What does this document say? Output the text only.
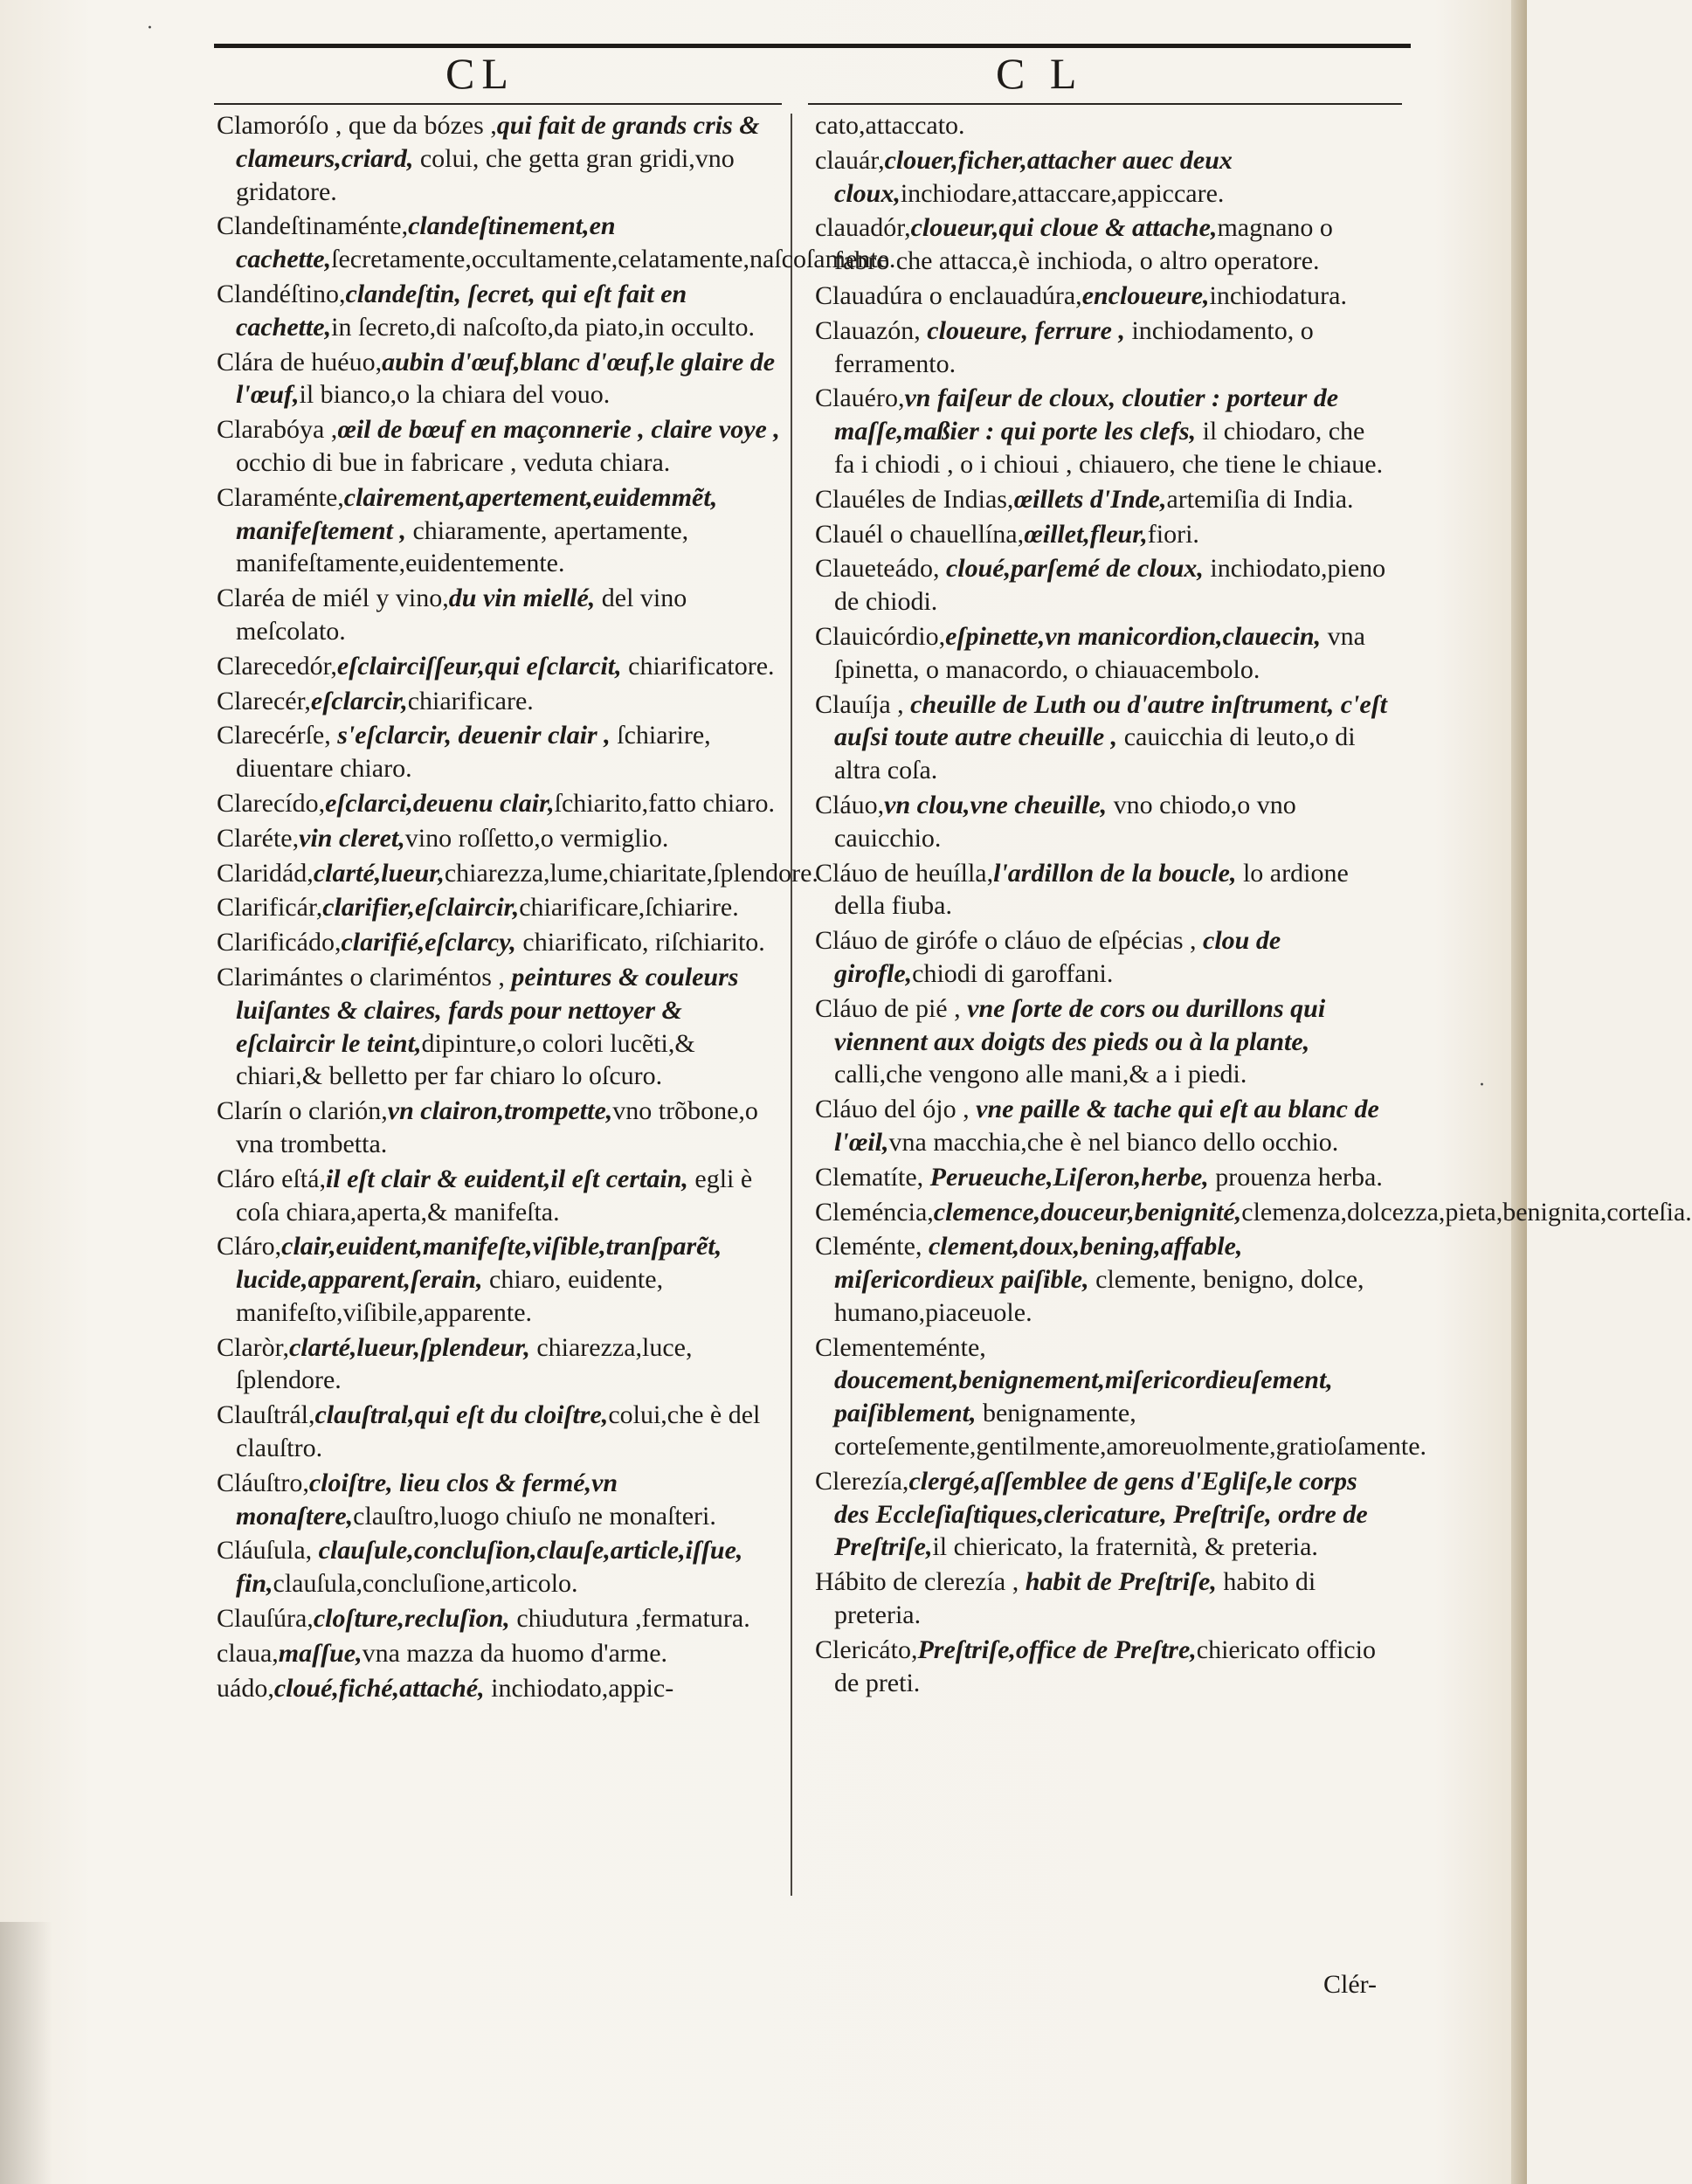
CL	C L
Clamoróſo , que da bózes ,qui fait de grands cris & clameurs,criard, colui, che getta gran gridi,vno gridatore.
Clandeſtinaménte,clandeſtinement,en cachette,ſecretamente,occultamente,celatamente,naſcoſamente.
Clandéſtino,clandeſtin, ſecret, qui eſt fait en cachette,in ſecreto,di naſcoſto,da piato,in occulto.
Clára de huéuo,aubin d'œuf,blanc d'œuf,le glaire de l'œuf,il bianco,o la chiara del vouo.
Clarabóya ,œil de bœuf en maçonnerie , claire voye , occhio di bue in fabricare , veduta chiara.
Claraménte,clairement,apertement,euidemmẽt, manifeſtement , chiaramente, apertamente, manifeſtamente,euidentemente.
Claréa de miél y vino,du vin miellé, del vino meſcolato.
Clarecedór,eſclairciſſeur,qui eſclarcit, chiarificatore.
Clarecér,eſclarcir,chiarificare.
Clarecérſe, s'eſclarcir, deuenir clair , ſchiarire, diuentare chiaro.
Clarecído,eſclarci,deuenu clair,ſchiarito,fatto chiaro.
Claréte,vin cleret,vino roſſetto,o vermiglio.
Claridád,clarté,lueur,chiarezza,lume,chiaritate,ſplendore.
Clarificár,clarifier,eſclaircir,chiarificare,ſchiarire.
Clarificádo,clarifié,eſclarcy, chiarificato, riſchiarito.
Clarimántes o clariméntos , peintures & couleurs luiſantes & claires, fards pour nettoyer & eſclaircir le teint,dipinture,o colori lucẽti,& chiari,& belletto per far chiaro lo oſcuro.
Clarín o clarión,vn clairon,trompette,vno trõbone,o vna trombetta.
Cláro eſtá,il eſt clair & euident,il eſt certain, egli è coſa chiara,aperta,& manifeſta.
Cláro,clair,euident,manifeſte,viſible,tranſparẽt, lucide,apparent,ſerain, chiaro, euidente, manifeſto,viſibile,apparente.
Claròr,clarté,lueur,ſplendeur, chiarezza,luce, ſplendore.
Clauſtrál,clauſtral,qui eſt du cloiſtre,colui,che è del clauſtro.
Cláuſtro,cloiſtre, lieu clos & fermé,vn monaſtere,clauſtro,luogo chiuſo ne monaſteri.
Cláuſula, clauſule,concluſion,clauſe,article,iſſue, fin,clauſula,concluſione,articolo.
Clauſúra,cloſture,recluſion, chiudutura ,fermatura.
claua,maſſue,vna mazza da huomo d'arme.
uádo,cloué,fiché,attaché, inchiodato,appic-
cato,attaccato.
clauár,clouer,ficher,attacher auec deux cloux,inchiodare,attaccare,appiccare.
clauadór,cloueur,qui cloue & attache,magnano o fabro che attacca,è inchioda, o altro operatore.
Clauadúra o enclauadúra,encloueure,inchiodatura.
Clauazón, cloueure, ferrure , inchiodamento, o ferramento.
Clauéro,vn faiſeur de cloux, cloutier : porteur de maſſe,maßier : qui porte les clefs, il chiodaro, che fa i chiodi , o i chioui , chiauero, che tiene le chiaue.
Clauéles de Indias,œillets d'Inde,artemiſia di India.
Clauél o chauellína,œillet,fleur,fiori.
Claueteádo, cloué,parſemé de cloux, inchiodato,pieno de chiodi.
Clauicórdio,eſpinette,vn manicordion,clauecin, vna ſpinetta, o manacordo, o chiauacembolo.
Clauíja , cheuille de Luth ou d'autre inſtrument, c'eſt auſsi toute autre cheuille , cauicchia di leuto,o di altra coſa.
Cláuo,vn clou,vne cheuille, vno chiodo,o vno cauicchio.
Cláuo de heuílla,l'ardillon de la boucle, lo ardione della fiuba.
Cláuo de girófe o cláuo de eſpécias , clou de girofle,chiodi di garoffani.
Cláuo de pié , vne ſorte de cors ou durillons qui viennent aux doigts des pieds ou à la plante, calli,che vengono alle mani,& a i piedi.
Cláuo del ójo , vne paille & tache qui eſt au blanc de l'œil,vna macchia,che è nel bianco dello occhio.
Clematíte, Perueuche,Liſeron,herbe, prouenza herba.
Cleméncia,clemence,douceur,benignité,clemenza,dolcezza,pieta,benignita,corteſia.
Cleménte, clement,doux,bening,affable, miſericordieux paiſible, clemente, benigno, dolce, humano,piaceuole.
Clementeménte, doucement,benignement,miſericordieuſement, paiſiblement, benignamente, corteſemente,gentilmente,amoreuolmente,gratioſamente.
Clerezía,clergé,aſſemblee de gens d'Egliſe,le corps des Eccleſiaſtiques,clericature, Preſtriſe, ordre de Preſtriſe,il chiericato, la fraternità, & preteria.
Hábito de clerezía , habit de Preſtriſe, habito di preteria.
Clericáto,Preſtriſe,office de Preſtre,chiericato officio de preti.
Clér-
·
·
